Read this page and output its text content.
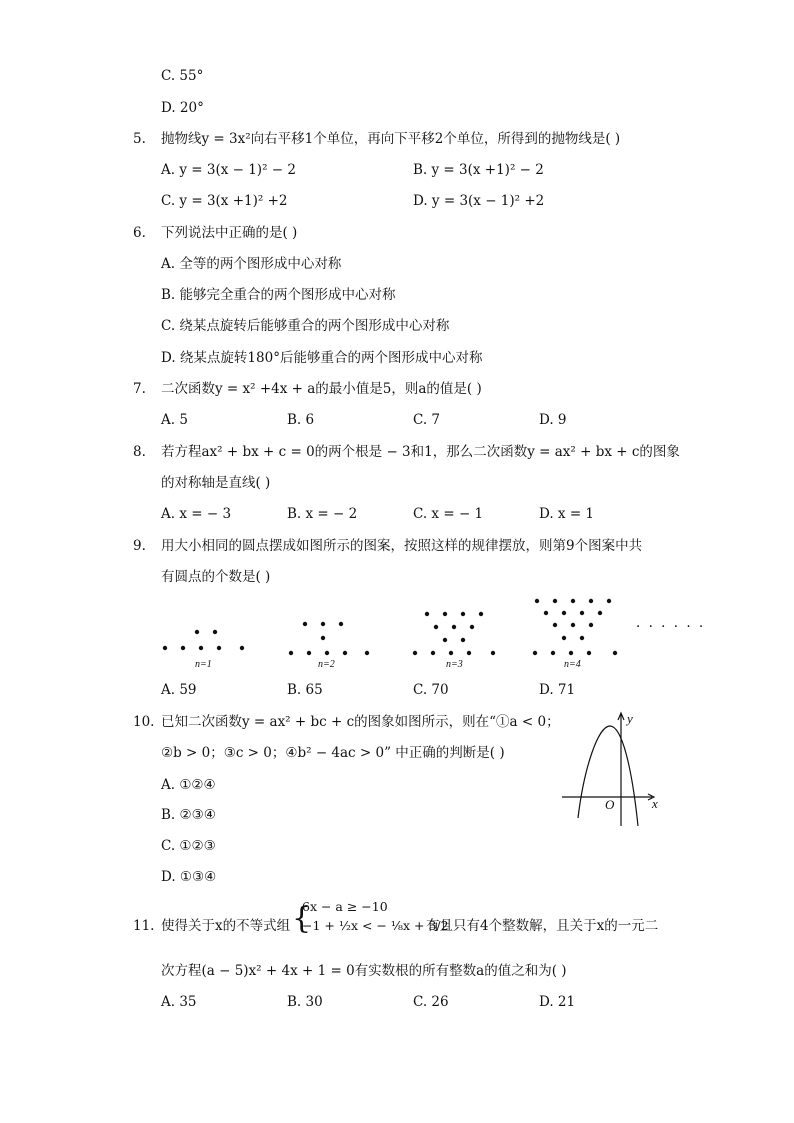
C. 55°
D. 20°
5. 抛物线y = 3x²向右平移1个单位，再向下平移2个单位，所得到的抛物线是( )
A. y = 3(x − 1)² − 2	B. y = 3(x +1)² − 2
C. y = 3(x +1)² +2	D. y = 3(x − 1)² +2
6. 下列说法中正确的是( )
A. 全等的两个图形成中心对称
B. 能够完全重合的两个图形成中心对称
C. 绕某点旋转后能够重合的两个图形成中心对称
D. 绕某点旋转180°后能够重合的两个图形成中心对称
7. 二次函数y = x² +4x + a的最小值是5，则a的值是( )
A. 5	B. 6	C. 7	D. 9
8. 若方程ax² + bx + c = 0的两个根是 − 3和1，那么二次函数y = ax² + bx + c的图象
的对称轴是直线( )
A. x = − 3	B. x = − 2	C. x = − 1	D. x = 1
9. 用大小相同的圆点摆成如图所示的图案，按照这样的规律摆放，则第9个图案中共
有圆点的个数是( )
n=1	n=2	n=3	n=4
· · · · · ·
A. 59	B. 65	C. 70	D. 71
10. 已知二次函数y = ax² + bc + c的图象如图所示，则在“①a < 0；
②b > 0；③c > 0；④b² − 4ac > 0” 中正确的判断是( )
A. ①②④
B. ②③④
C. ①②③
D. ①③④
y
x
O
11. 使得关于x的不等式组 {
6x − a ≥ −10
−1 + ½x < − ⅛x + 3/2
有且只有4个整数解，且关于x的一元二
次方程(a − 5)x² + 4x + 1 = 0有实数根的所有整数a的值之和为( )
A. 35	B. 30	C. 26	D. 21
